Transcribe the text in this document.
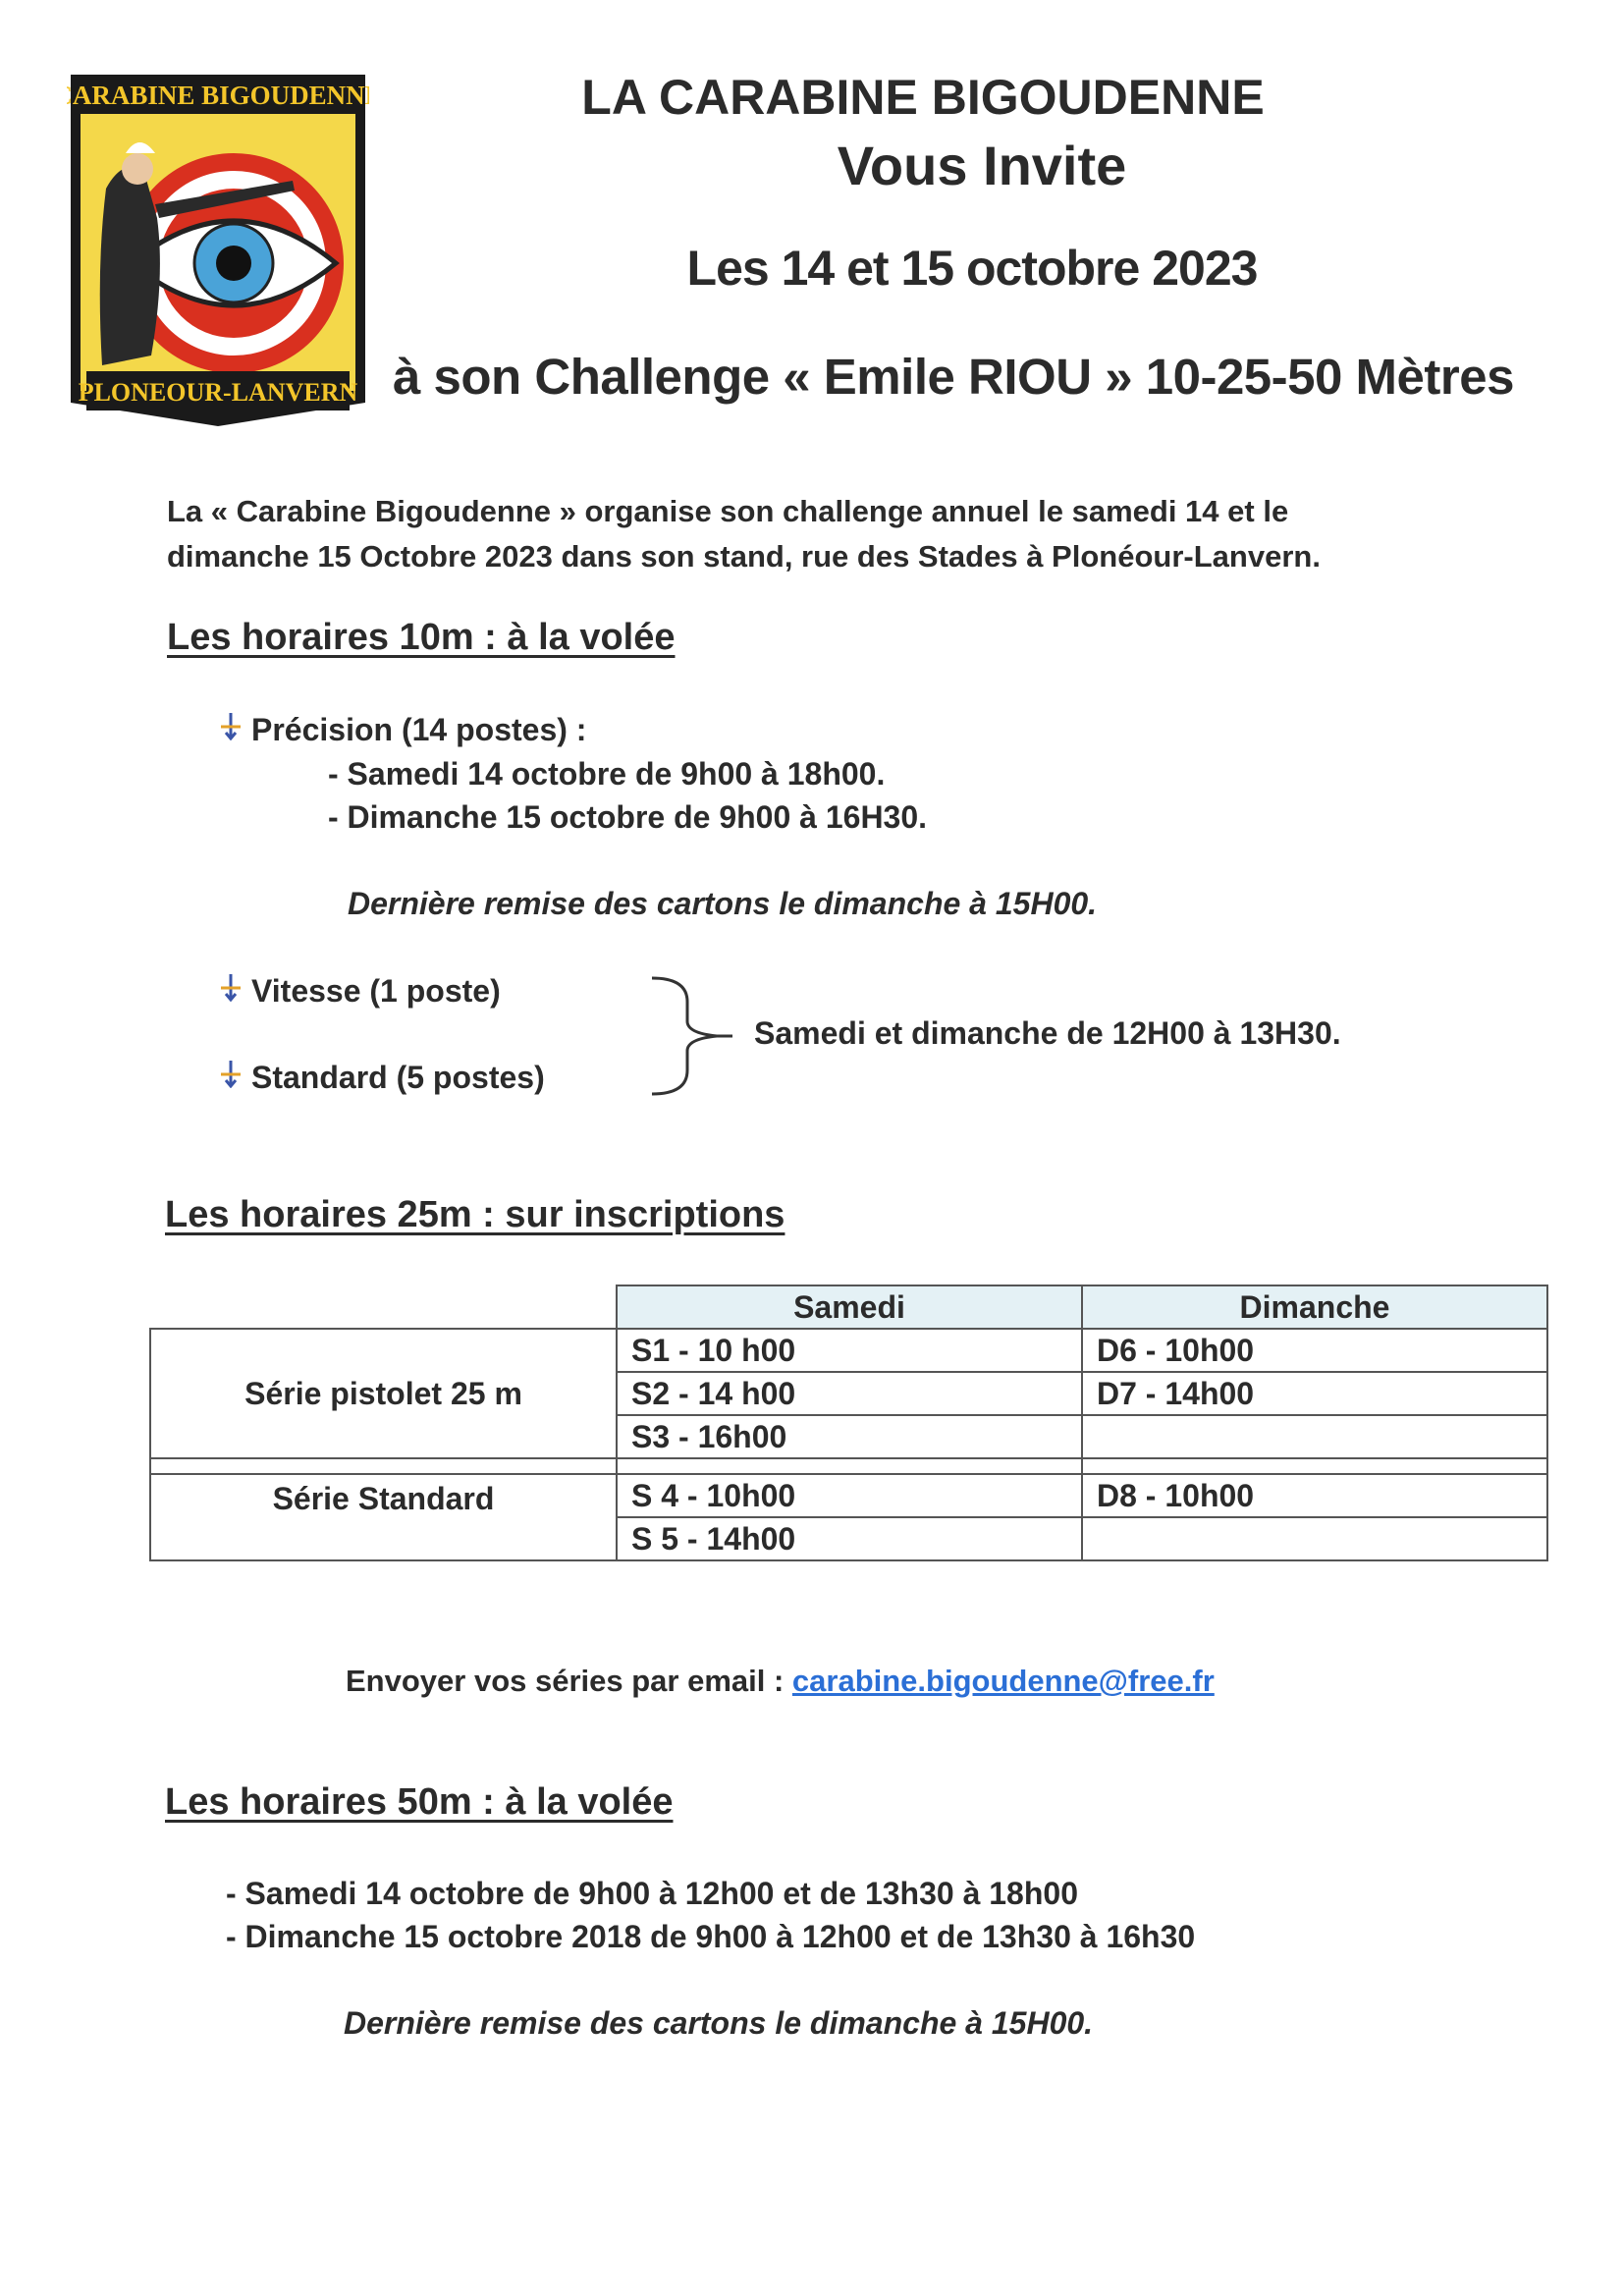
CARABINE BIGOUDENNE
PLONEOUR-LANVERN
LA CARABINE BIGOUDENNE
Vous Invite
Les 14 et 15 octobre 2023
à son Challenge « Emile RIOU » 10-25-50 Mètres
La « Carabine Bigoudenne » organise son challenge annuel le samedi 14 et le
dimanche 15 Octobre 2023 dans son stand, rue des Stades à Plonéour-Lanvern.
Les horaires 10m : à la volée
Précision (14 postes) :
- Samedi 14 octobre de 9h00 à 18h00.
- Dimanche 15 octobre de 9h00 à 16H30.
Dernière remise des cartons le dimanche à 15H00.
Vitesse (1 poste)
Standard (5 postes)
Samedi et dimanche de 12H00 à 13H30.
Les horaires 25m : sur inscriptions
	Samedi	Dimanche
Série pistolet 25 m	S1 - 10 h00	D6 - 10h00
	S2 - 14 h00	D7 - 14h00
	S3 - 16h00	

Série Standard	S 4 - 10h00	D8 - 10h00
	S 5 - 14h00	
Envoyer vos séries par email : carabine.bigoudenne@free.fr
Les horaires 50m : à la volée
- Samedi 14 octobre de 9h00 à 12h00 et de 13h30 à 18h00
- Dimanche 15 octobre 2018 de 9h00 à 12h00 et de 13h30 à 16h30
Dernière remise des cartons le dimanche à 15H00.
